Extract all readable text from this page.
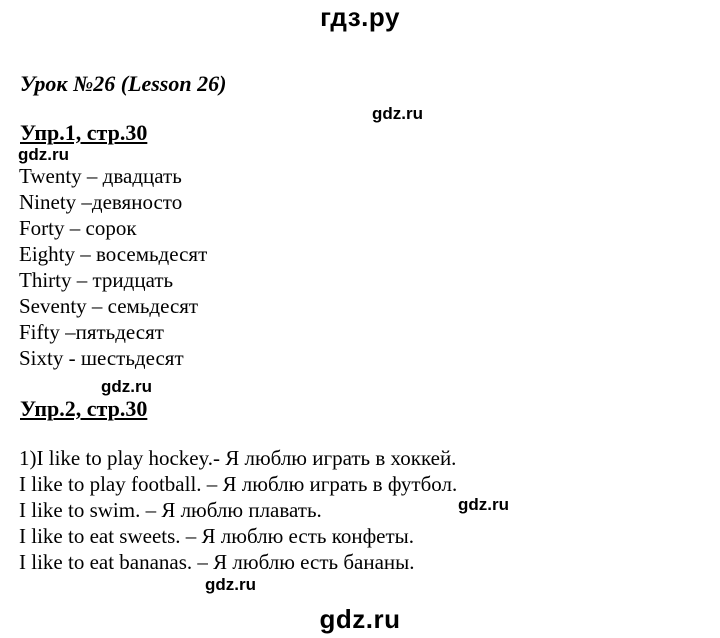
гдз.ру
Урок №26 (Lesson 26)
gdz.ru
Упр.1, стр.30
gdz.ru
Twenty – двадцать
Ninety –девяносто
Forty – сорок
Eighty – восемьдесят
Thirty – тридцать
Seventy – семьдесят
Fifty –пятьдесят
Sixty - шестьдесят
gdz.ru
Упр.2, стр.30
1)I like to play hockey.- Я люблю играть в хоккей.
gdz.ru
I like to play football. – Я люблю играть в футбол.
I like to swim. – Я люблю плавать.
I like to eat sweets. – Я люблю есть конфеты.
I like to eat bananas. – Я люблю есть бананы.
gdz.ru
gdz.ru
